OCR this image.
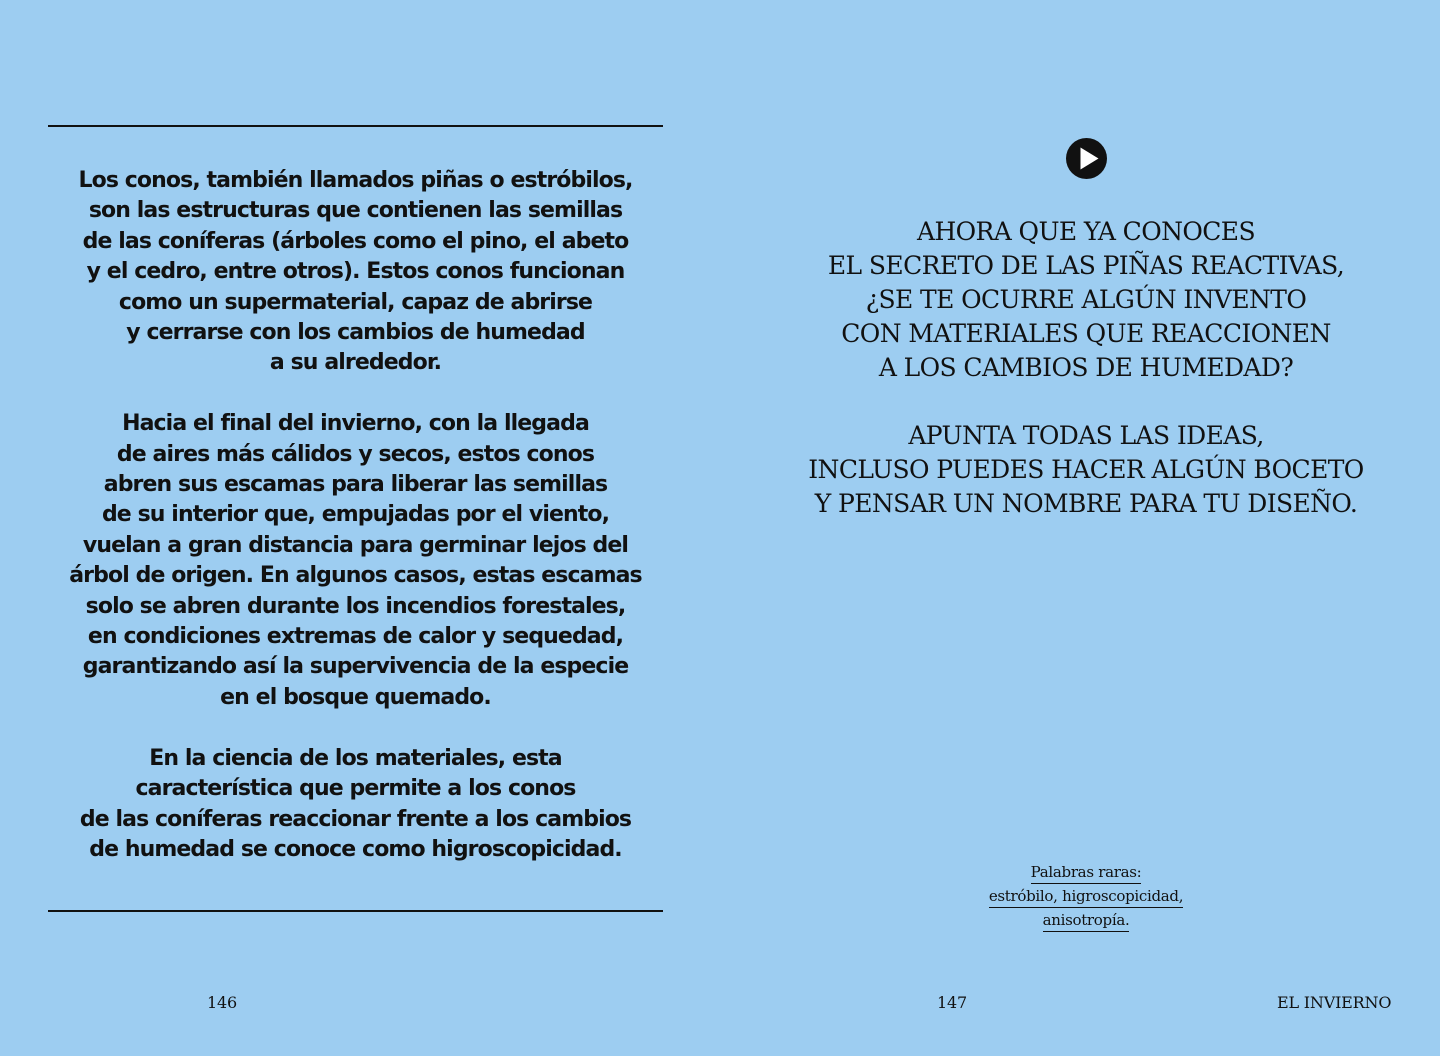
Los conos, también llamados piñas o estróbilos,
son las estructuras que contienen las semillas
de las coníferas (árboles como el pino, el abeto
y el cedro, entre otros). Estos conos funcionan
como un supermaterial, capaz de abrirse
y cerrarse con los cambios de humedad
a su alrededor.

Hacia el final del invierno, con la llegada
de aires más cálidos y secos, estos conos
abren sus escamas para liberar las semillas
de su interior que, empujadas por el viento,
vuelan a gran distancia para germinar lejos del
árbol de origen. En algunos casos, estas escamas
solo se abren durante los incendios forestales,
en condiciones extremas de calor y sequedad,
garantizando así la supervivencia de la especie
en el bosque quemado.

En la ciencia de los materiales, esta
característica que permite a los conos
de las coníferas reaccionar frente a los cambios
de humedad se conoce como higroscopicidad.

146

AHORA QUE YA CONOCES
EL SECRETO DE LAS PIÑAS REACTIVAS,
¿SE TE OCURRE ALGÚN INVENTO
CON MATERIALES QUE REACCIONEN
A LOS CAMBIOS DE HUMEDAD?

APUNTA TODAS LAS IDEAS,
INCLUSO PUEDES HACER ALGÚN BOCETO
Y PENSAR UN NOMBRE PARA TU DISEÑO.

Palabras raras:
estróbilo, higroscopicidad,
anisotropía.
147	EL INVIERNO
